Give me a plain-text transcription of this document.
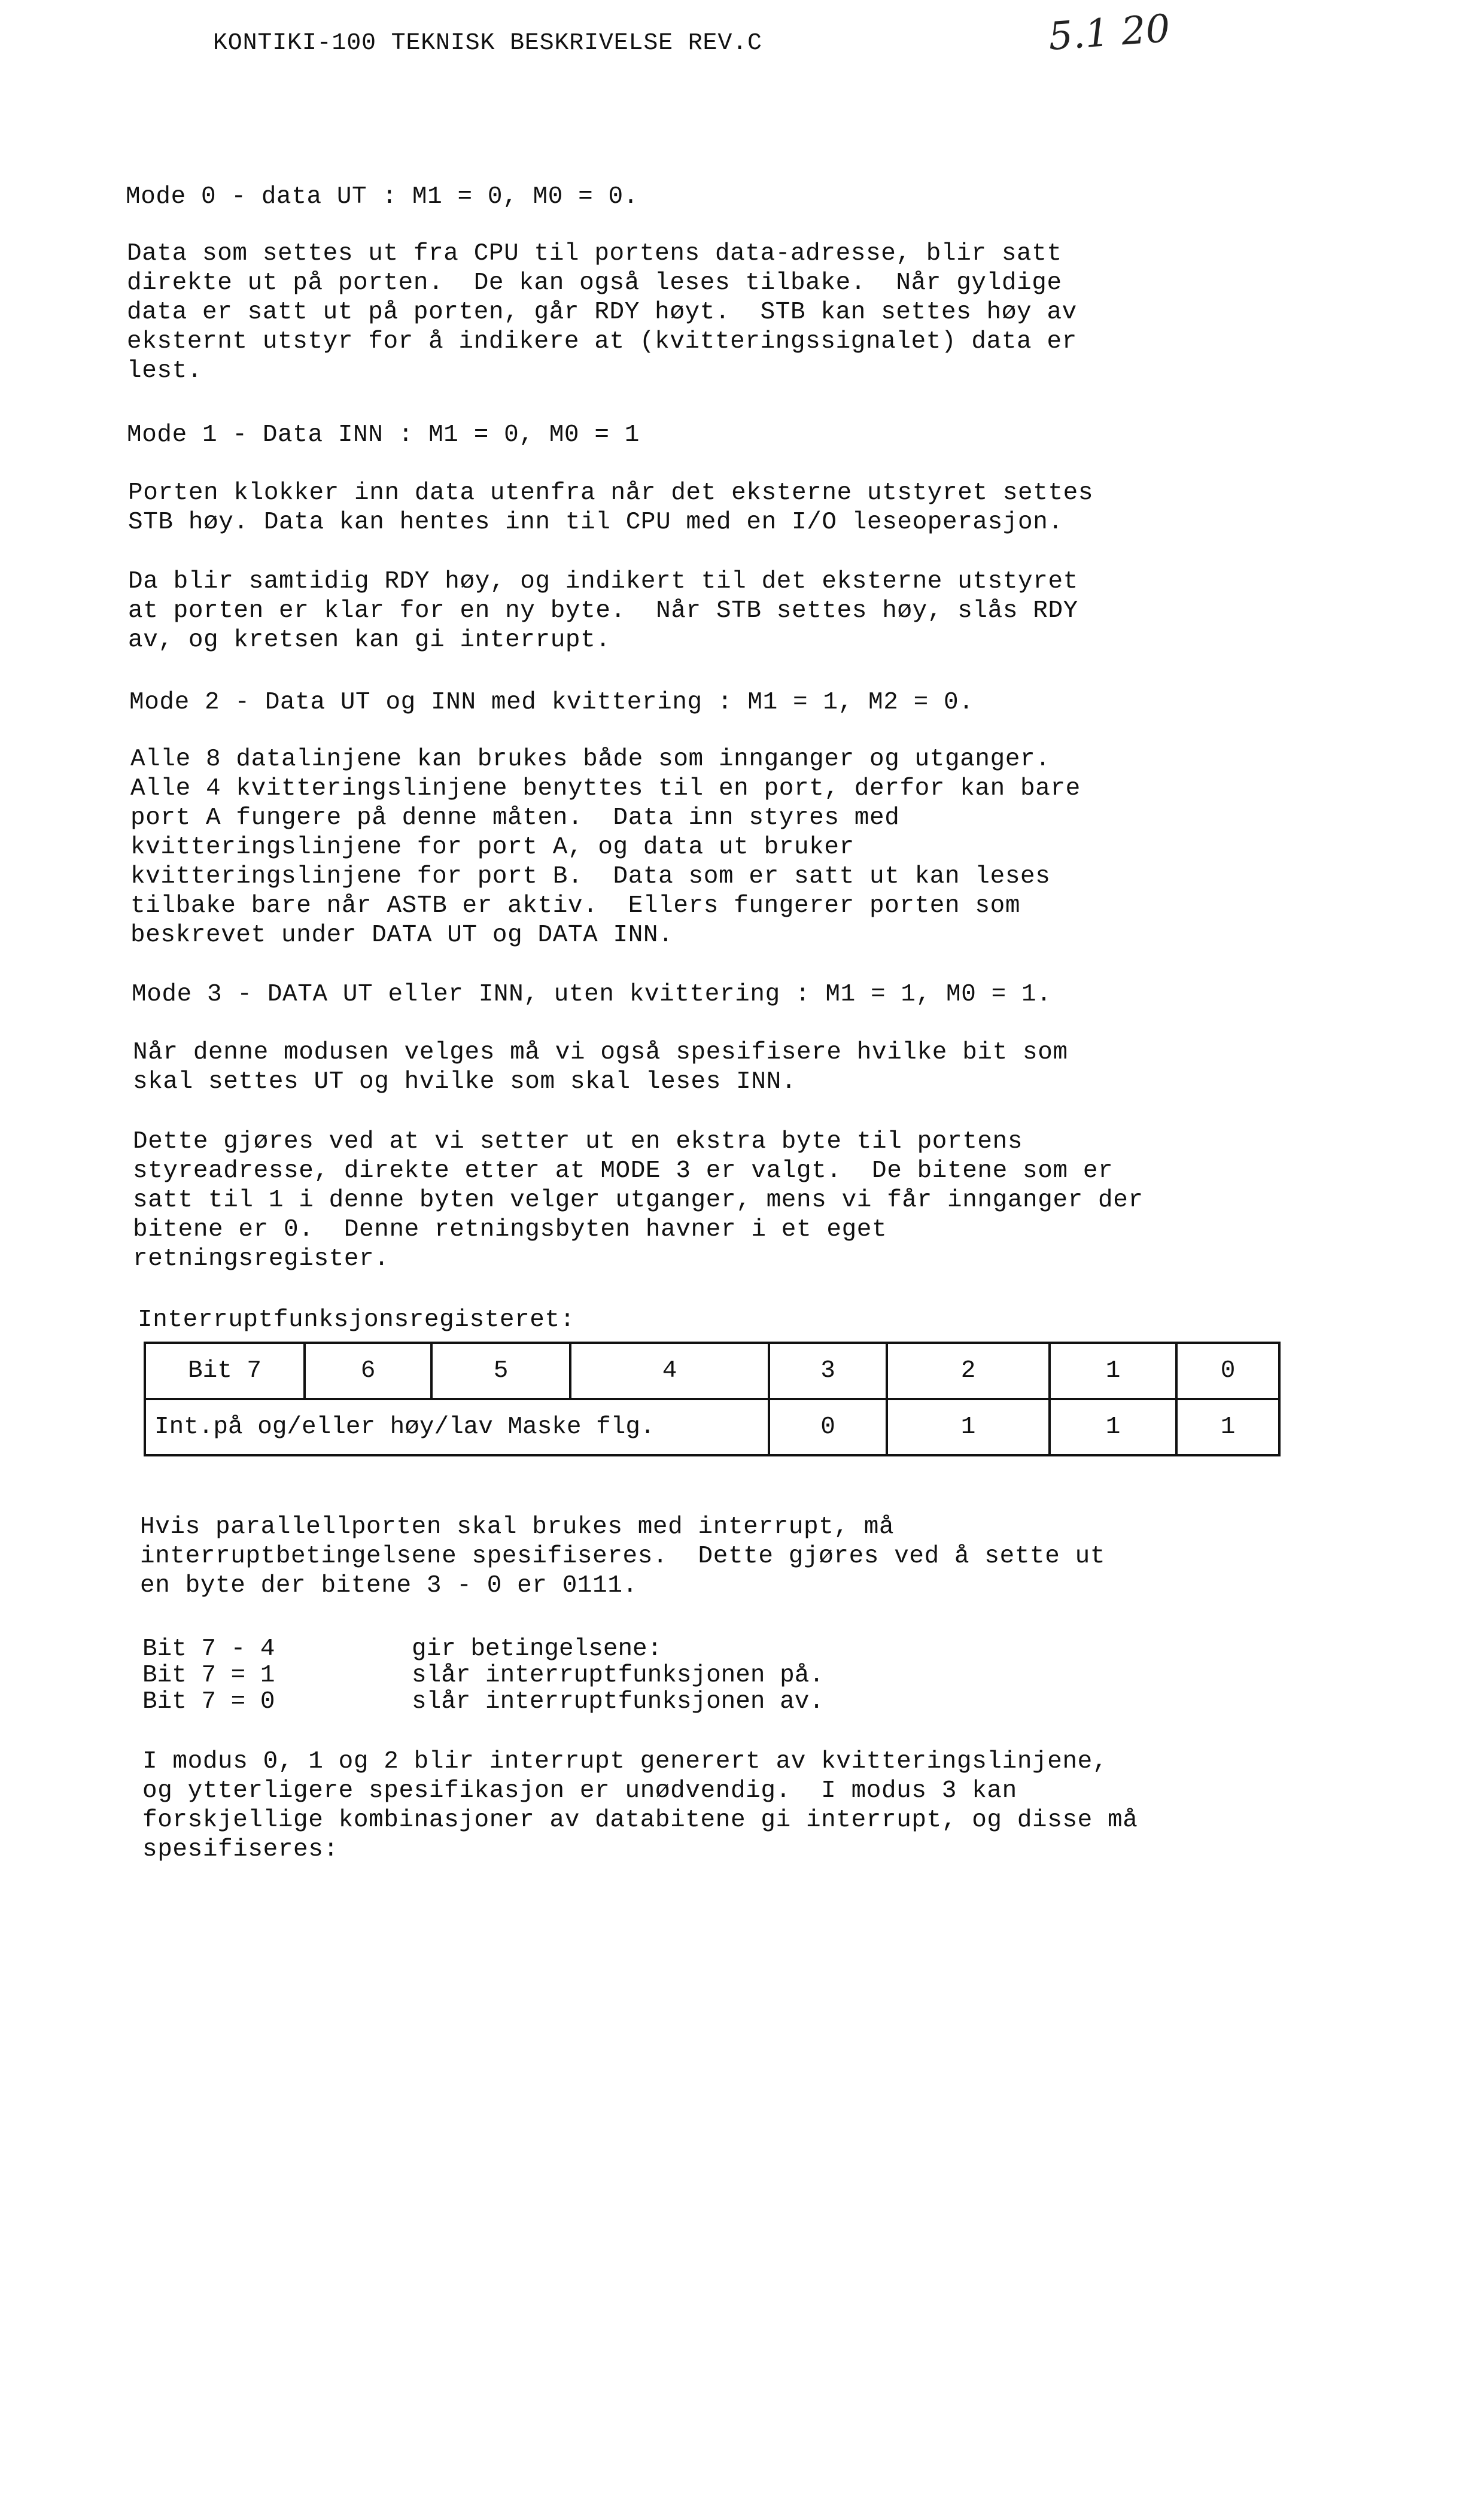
KONTIKI-100 TEKNISK BESKRIVELSE REV.C	5.1 20
Mode 0 - data UT : M1 = 0, M0 = 0.
Data som settes ut fra CPU til portens data-adresse, blir satt
direkte ut på porten.  De kan også leses tilbake.  Når gyldige
data er satt ut på porten, går RDY høyt.  STB kan settes høy av
eksternt utstyr for å indikere at (kvitteringssignalet) data er
lest.
Mode 1 - Data INN : M1 = 0, M0 = 1
Porten klokker inn data utenfra når det eksterne utstyret settes
STB høy. Data kan hentes inn til CPU med en I/O leseoperasjon.
Da blir samtidig RDY høy, og indikert til det eksterne utstyret
at porten er klar for en ny byte.  Når STB settes høy, slås RDY
av, og kretsen kan gi interrupt.
Mode 2 - Data UT og INN med kvittering : M1 = 1, M2 = 0.
Alle 8 datalinjene kan brukes både som innganger og utganger.
Alle 4 kvitteringslinjene benyttes til en port, derfor kan bare
port A fungere på denne måten.  Data inn styres med
kvitteringslinjene for port A, og data ut bruker
kvitteringslinjene for port B.  Data som er satt ut kan leses
tilbake bare når ASTB er aktiv.  Ellers fungerer porten som
beskrevet under DATA UT og DATA INN.
Mode 3 - DATA UT eller INN, uten kvittering : M1 = 1, M0 = 1.
Når denne modusen velges må vi også spesifisere hvilke bit som
skal settes UT og hvilke som skal leses INN.
Dette gjøres ved at vi setter ut en ekstra byte til portens
styreadresse, direkte etter at MODE 3 er valgt.  De bitene som er
satt til 1 i denne byten velger utganger, mens vi får innganger der
bitene er 0.  Denne retningsbyten havner i et eget
retningsregister.
Interruptfunksjonsregisteret:
Bit 7	6	5	4	3	2	1	0
Int.på og/eller høy/lav Maske flg.				0	1	1	1
Hvis parallellporten skal brukes med interrupt, må
interruptbetingelsene spesifiseres.  Dette gjøres ved å sette ut
en byte der bitene 3 - 0 er 0111.
Bit 7 - 4	gir betingelsene:
Bit 7 = 1	slår interruptfunksjonen på.
Bit 7 = 0	slår interruptfunksjonen av.
I modus 0, 1 og 2 blir interrupt generert av kvitteringslinjene,
og ytterligere spesifikasjon er unødvendig.  I modus 3 kan
forskjellige kombinasjoner av databitene gi interrupt, og disse må
spesifiseres:
